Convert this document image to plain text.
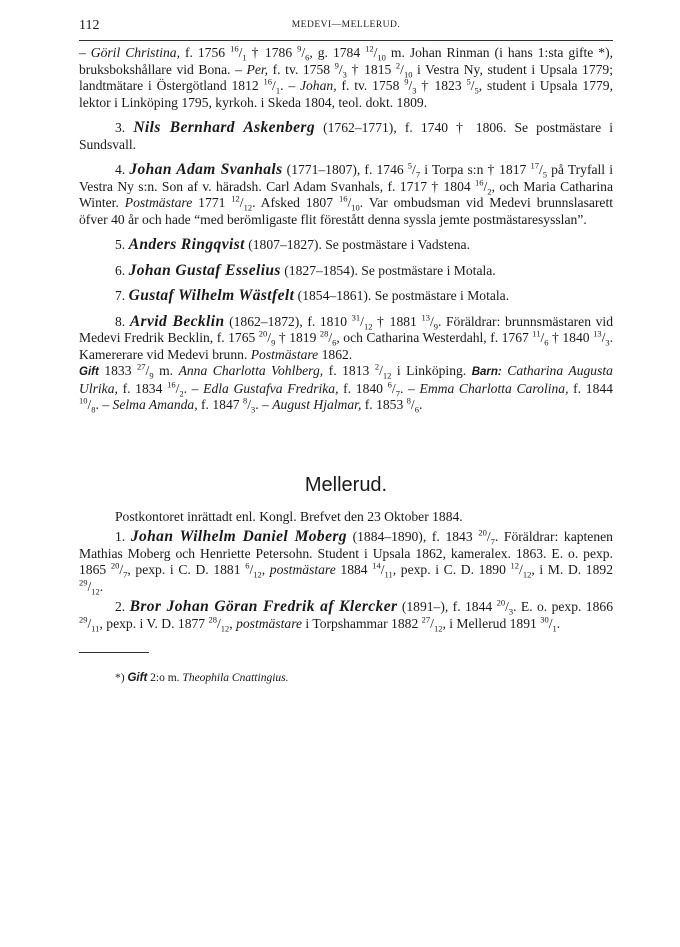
112	MEDEVI—MELLERUD.

– Göril Christina, f. 1756 $^{16}/_1$ † 1786 $^9/_6$, g. 1784 $^{12}/_{10}$ m. Johan Rinman (i hans 1:sta gifte *), bruksbokshållare vid Bona. – Per, f. tv. 1758 $^9/_3$ † 1815 $^2/_{10}$ i Vestra Ny, student i Upsala 1779; landtmätare i Östergötland 1812 $^{16}/_1$. – Johan, f. tv. 1758 $^9/_3$ † 1823 $^5/_5$, student i Upsala 1779, lektor i Linköping 1795, kyrkoh. i Skeda 1804, teol. dokt. 1809.

3. Nils Bernhard Askenberg (1762–1771), f. 1740 † 1806. Se postmästare i Sundsvall.

4. Johan Adam Svanhals (1771–1807), f. 1746 $^5/_7$ i Torpa s:n † 1817 $^{17}/_5$ på Tryfall i Vestra Ny s:n. Son af v. häradsh. Carl Adam Svanhals, f. 1717 † 1804 $^{16}/_2$, och Maria Catharina Winter. Postmästare 1771 $^{12}/_{12}$. Afsked 1807 $^{16}/_{10}$. Var ombudsman vid Medevi brunnslasarett öfver 40 år och hade “med berömligaste flit förestått denna syssla jemte postmästaresysslan”.

5. Anders Ringqvist (1807–1827). Se postmästare i Vadstena.

6. Johan Gustaf Esselius (1827–1854). Se postmästare i Motala.

7. Gustaf Wilhelm Wästfelt (1854–1861). Se postmästare i Motala.

8. Arvid Becklin (1862–1872), f. 1810 $^{31}/_{12}$ † 1881 $^{13}/_9$. Föräldrar: brunnsmästaren vid Medevi Fredrik Becklin, f. 1765 $^{20}/_9$ † 1819 $^{28}/_6$, och Catharina Westerdahl, f. 1767 $^{11}/_6$ † 1840 $^{13}/_3$. Kamererare vid Medevi brunn. Postmästare 1862.

Gift 1833 $^{27}/_9$ m. Anna Charlotta Vohlberg, f. 1813 $^2/_{12}$ i Linköping. Barn: Catharina Augusta Ulrika, f. 1834 $^{16}/_2$. – Edla Gustafva Fredrika, f. 1840 $^6/_7$. – Emma Charlotta Carolina, f. 1844 $^{10}/_8$. – Selma Amanda, f. 1847 $^8/_3$. – August Hjalmar, f. 1853 $^8/_6$.

Mellerud.

Postkontoret inrättadt enl. Kongl. Brefvet den 23 Oktober 1884.

1. Johan Wilhelm Daniel Moberg (1884–1890), f. 1843 $^{20}/_7$. Föräldrar: kaptenen Mathias Moberg och Henriette Petersohn. Student i Upsala 1862, kameralex. 1863. E. o. pexp. 1865 $^{20}/_7$, pexp. i C. D. 1881 $^6/_{12}$, postmästare 1884 $^{14}/_{11}$, pexp. i C. D. 1890 $^{12}/_{12}$, i M. D. 1892 $^{29}/_{12}$.

2. Bror Johan Göran Fredrik af Klercker (1891–), f. 1844 $^{20}/_3$. E. o. pexp. 1866 $^{29}/_{11}$, pexp. i V. D. 1877 $^{28}/_{12}$, postmästare i Torpshammar 1882 $^{27}/_{12}$, i Mellerud 1891 $^{30}/_1$.

*) Gift 2:o m. Theophila Cnattingius.
